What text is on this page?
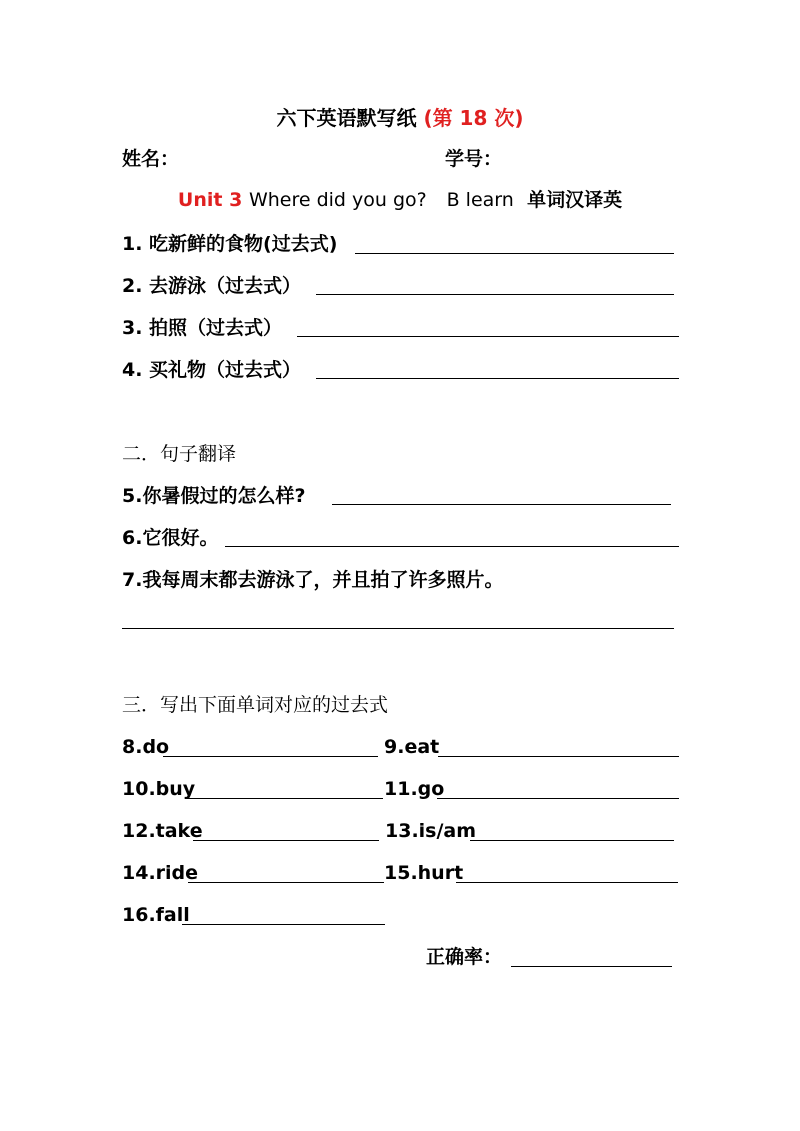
六下英语默写纸 (第 18 次)
姓名：	学号：
Unit 3 Where did you go? B learn 单词汉译英
1. 吃新鲜的食物(过去式)
2. 去游泳（过去式）
3. 拍照（过去式）
4. 买礼物（过去式）
二．句子翻译
5.你暑假过的怎么样?
6.它很好。
7.我每周末都去游泳了，并且拍了许多照片。
三．写出下面单词对应的过去式
8.do	9.eat
10.buy	11.go
12.take	13.is/am
14.ride	15.hurt
16.fall
正确率：
